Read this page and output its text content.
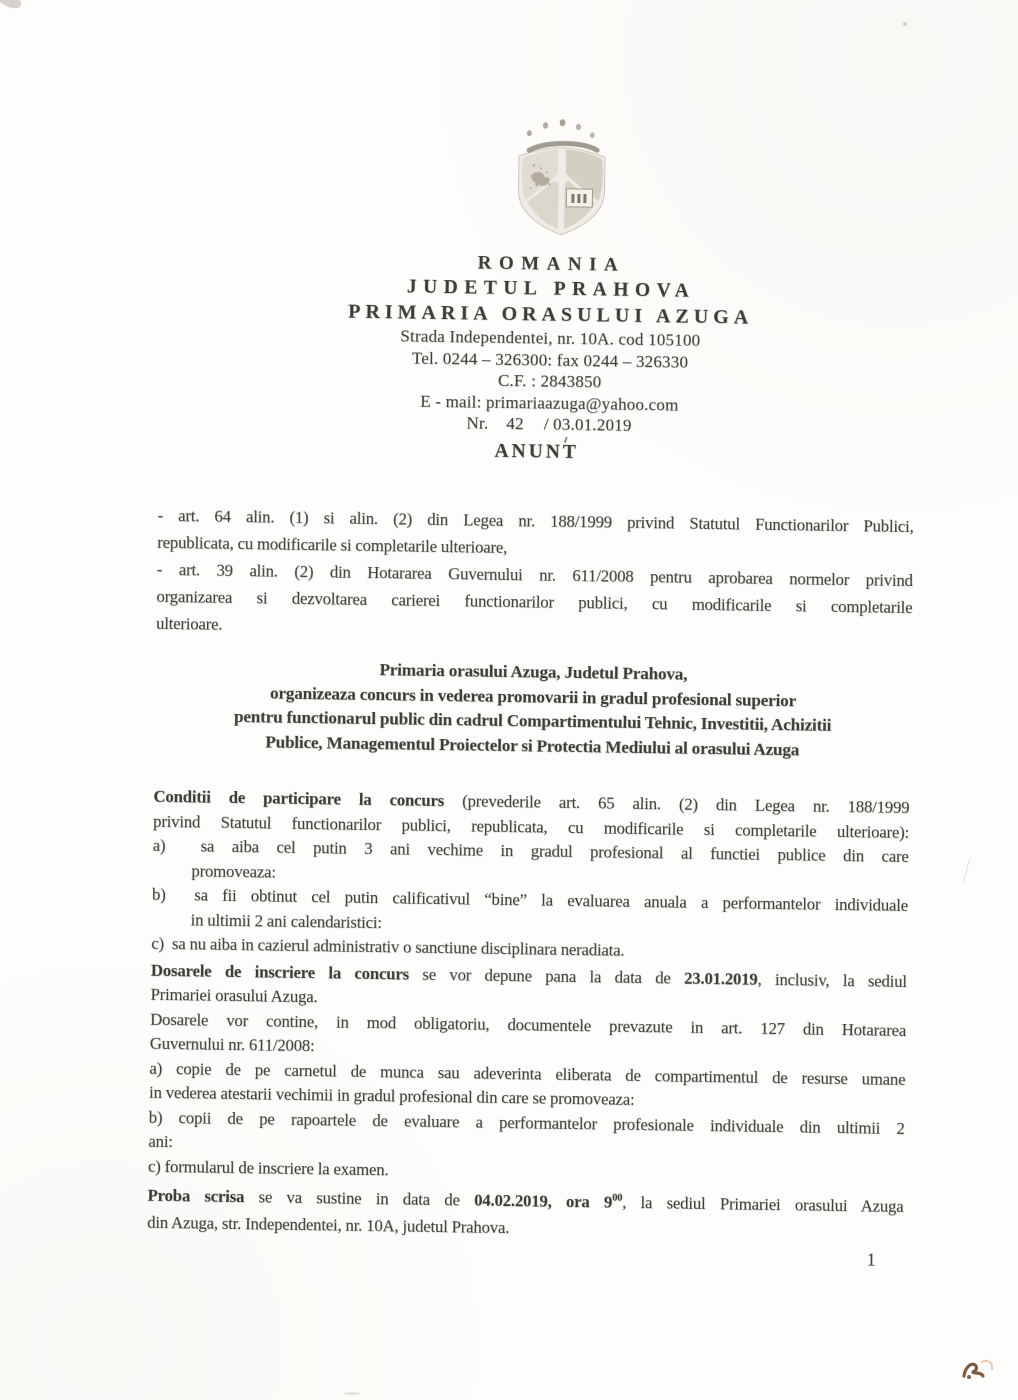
ROMANIA
JUDETUL PRAHOVA
PRIMARIA ORASULUI AZUGA
Strada Independentei, nr. 10A. cod 105100
Tel. 0244 – 326300: fax 0244 – 326330
C.F. : 2843850
E - mail: primariaazuga@yahoo.com
Nr. 42 / 03.01.2019
ANUNT
- art. 64 alin. (1) si alin. (2) din Legea nr. 188/1999 privind Statutul Functionarilor Publici,
republicata, cu modificarile si completarile ulterioare,
- art. 39 alin. (2) din Hotararea Guvernului nr. 611/2008 pentru aprobarea normelor privind
organizarea si dezvoltarea carierei functionarilor publici, cu modificarile si completarile
ulterioare.
Primaria orasului Azuga, Judetul Prahova,
organizeaza concurs in vederea promovarii in gradul profesional superior
pentru functionarul public din cadrul Compartimentului Tehnic, Investitii, Achizitii
Publice, Managementul Proiectelor si Protectia Mediului al orasului Azuga
Conditii de participare la concurs (prevederile art. 65 alin. (2) din Legea nr. 188/1999
privind Statutul functionarilor publici, republicata, cu modificarile si completarile ulterioare):
a)  sa aiba cel putin 3 ani vechime in gradul profesional al functiei publice din care
promoveaza:
b)  sa fii obtinut cel putin calificativul “bine” la evaluarea anuala a performantelor individuale
in ultimii 2 ani calendaristici:
c)  sa nu aiba in cazierul administrativ o sanctiune disciplinara neradiata.
Dosarele de inscriere la concurs se vor depune pana la data de 23.01.2019, inclusiv, la sediul
Primariei orasului Azuga.
Dosarele vor contine, in mod obligatoriu, documentele prevazute in art. 127 din Hotararea
Guvernului nr. 611/2008:
a) copie de pe carnetul de munca sau adeverinta eliberata de compartimentul de resurse umane
in vederea atestarii vechimii in gradul profesional din care se promoveaza:
b) copii de pe rapoartele de evaluare a performantelor profesionale individuale din ultimii 2
ani:
c) formularul de inscriere la examen.
Proba scrisa se va sustine in data de 04.02.2019, ora $9^{00}$, la sediul Primariei orasului Azuga
din Azuga, str. Independentei, nr. 10A, judetul Prahova.
1
